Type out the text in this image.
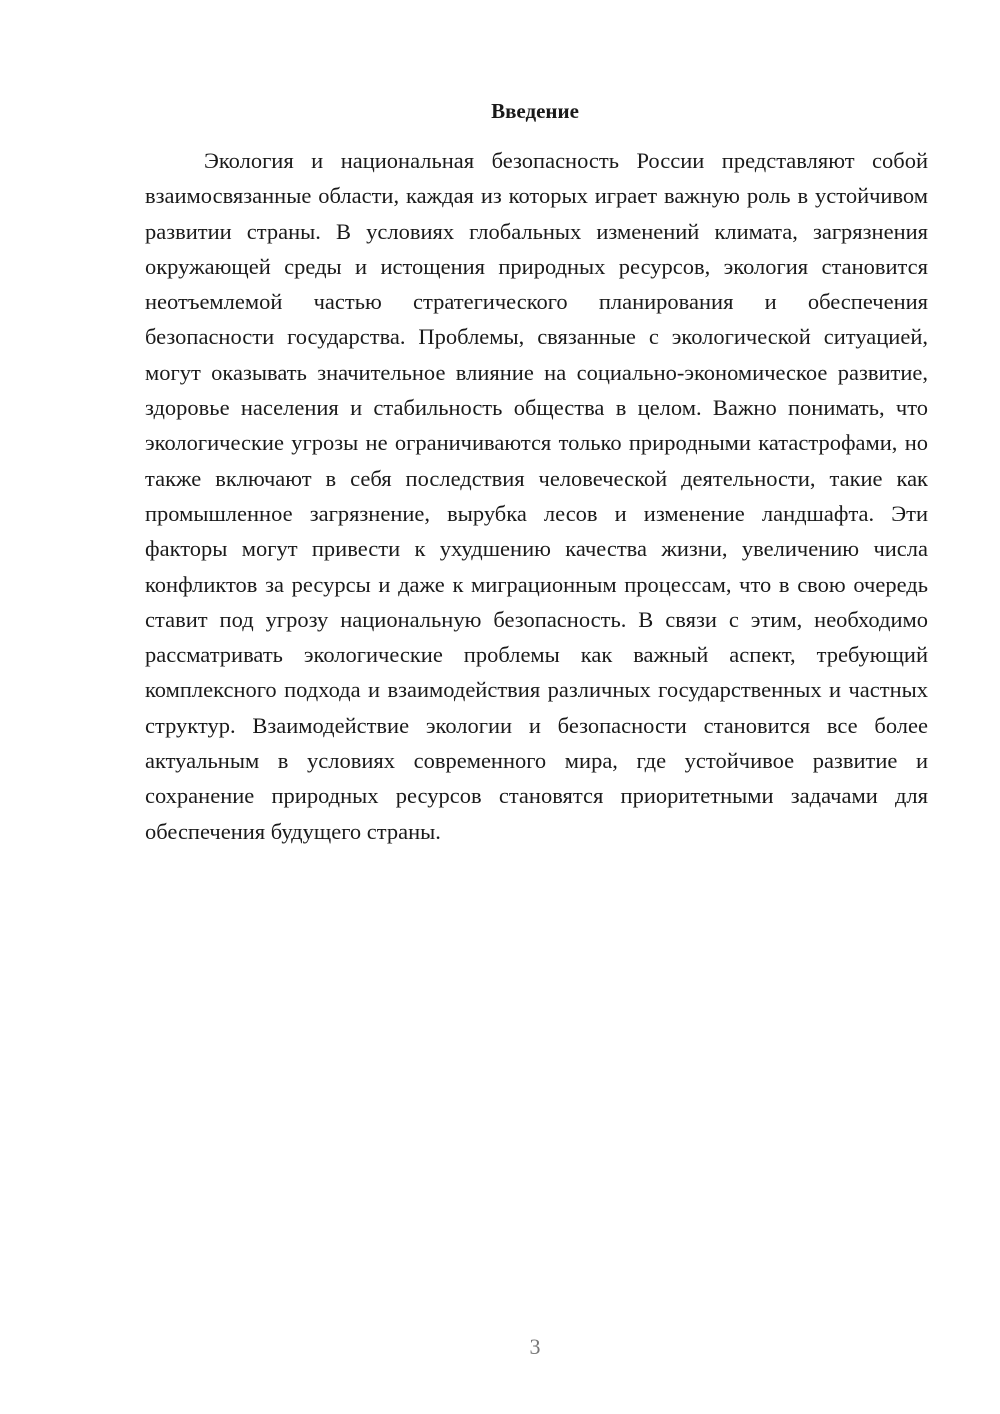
Введение

Экология и национальная безопасность России представляют собой взаимосвязанные области, каждая из которых играет важную роль в устойчивом развитии страны. В условиях глобальных изменений климата, загрязнения окружающей среды и истощения природных ресурсов, экология становится неотъемлемой частью стратегического планирования и обеспечения безопасности государства. Проблемы, связанные с экологической ситуацией, могут оказывать значительное влияние на социально-экономическое развитие, здоровье населения и стабильность общества в целом. Важно понимать, что экологические угрозы не ограничиваются только природными катастрофами, но также включают в себя последствия человеческой деятельности, такие как промышленное загрязнение, вырубка лесов и изменение ландшафта. Эти факторы могут привести к ухудшению качества жизни, увеличению числа конфликтов за ресурсы и даже к миграционным процессам, что в свою очередь ставит под угрозу национальную безопасность. В связи с этим, необходимо рассматривать экологические проблемы как важный аспект, требующий комплексного подхода и взаимодействия различных государственных и частных структур. Взаимодействие экологии и безопасности становится все более актуальным в условиях современного мира, где устойчивое развитие и сохранение природных ресурсов становятся приоритетными задачами для обеспечения будущего страны.

3
